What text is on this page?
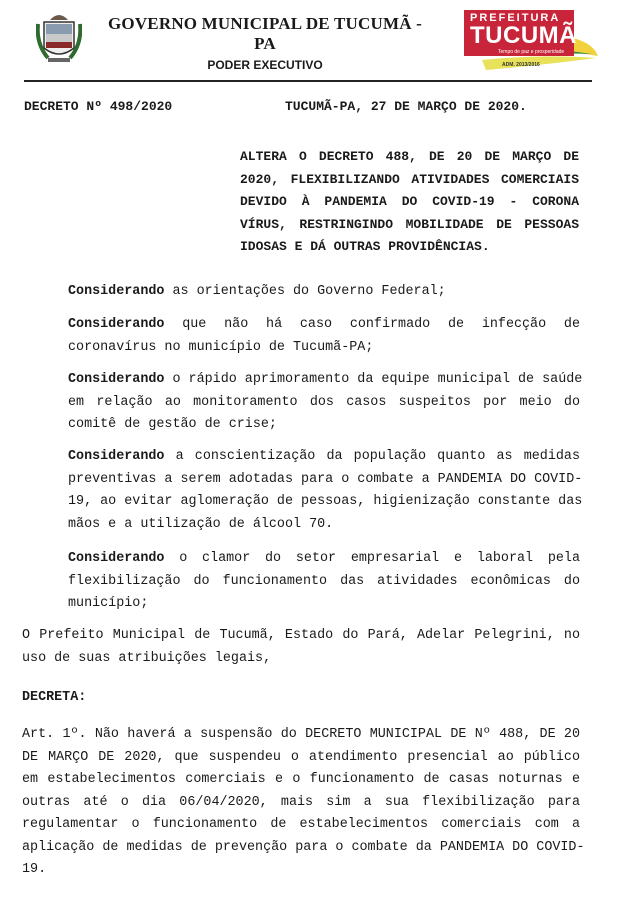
GOVERNO MUNICIPAL DE TUCUMÃ - PA
PODER EXECUTIVO
PREFEITURA
TUCUMÃ
Tempo de paz e prosperidade
ADM. 2013/2016
DECRETO Nº 498/2020	TUCUMÃ-PA, 27 DE MARÇO DE 2020.
ALTERA O DECRETO 488, DE 20 DE MARÇO DE
2020, FLEXIBILIZANDO ATIVIDADES COMERCIAIS
DEVIDO À PANDEMIA DO COVID-19 - CORONA
VÍRUS, RESTRINGINDO MOBILIDADE DE PESSOAS
IDOSAS E DÁ OUTRAS PROVIDÊNCIAS.
Considerando as orientações do Governo Federal;
Considerando que não há caso confirmado de infecção de
coronavírus no município de Tucumã-PA;
Considerando o rápido aprimoramento da equipe municipal de saúde
em relação ao monitoramento dos casos suspeitos por meio do
comitê de gestão de crise;
Considerando a conscientização da população quanto as medidas
preventivas a serem adotadas para o combate a PANDEMIA DO COVID-
19, ao evitar aglomeração de pessoas, higienização constante das
mãos e a utilização de álcool 70.
Considerando o clamor do setor empresarial e laboral pela
flexibilização do funcionamento das atividades econômicas do
município;
O Prefeito Municipal de Tucumã, Estado do Pará, Adelar Pelegrini, no
uso de suas atribuições legais,
DECRETA:
Art. 1º. Não haverá a suspensão do DECRETO MUNICIPAL DE Nº 488, DE 20
DE MARÇO DE 2020, que suspendeu o atendimento presencial ao público
em estabelecimentos comerciais e o funcionamento de casas noturnas e
outras até o dia 06/04/2020, mais sim a sua flexibilização para
regulamentar o funcionamento de estabelecimentos comerciais com a
aplicação de medidas de prevenção para o combate da PANDEMIA DO COVID-
19.
